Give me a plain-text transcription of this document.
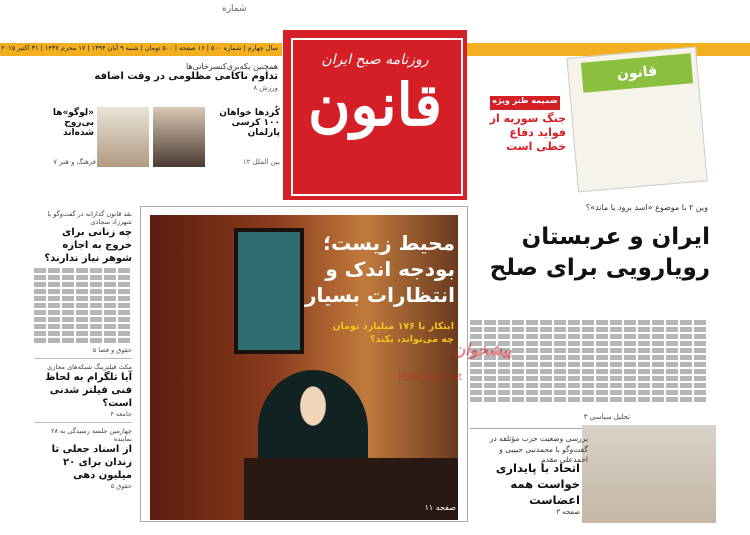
شماره
سال چهارم | شماره ۵۰۰ | ۱۶ صفحه | ۵۰۰ تومان | شنبه ۹ آبان ۱۳۹۴ | ۱۷ محرم ۱۴۳۷ | ۳۱ اکتبر ۲۰۱۵
روزنامه صبح ایران
قانون
همچنین یکه‌بری‌کنسرخانی‌ها
تداوم ناکامی مظلومی در وقت اضافه
ورزش ۸
کُردها خواهان ۱۰۰ کرسی پارلمان
بین الملل ۱۲
«لوگو»ها بی‌روح شده‌اند
فرهنگ و هنر ۷
قانون
ضمیمه طنز ویژه
جنگ سوریه از فواید دفاع خطی است
وین ۲ با موضوع «اسد برود یا ماند»؟
ایران و عربستان رویارویی برای صلح
تحلیل سیاسی ۳
محیط زیست؛ بودجه اندک و انتظارات بسیار
ابتکار با ۱۷۶ میلیارد تومان چه می‌تواند، بکند؟
صفحه ۱۱
پیشخوان
Pishkhan.net
نقد قانون گذارانه در گفت‌وگو با شهرزاد سجادی
چه زنانی برای خروج به اجازه شوهر نیاز ندارند؟
حقوق و قضا ۵
مکث فیلترینگ شبکه‌های مجازی
آیا تلگرام به لحاظ فنی فیلتر شدنی است؟
جامعه ۴
چهارمین جلسه رسیدگی به ۲۸ نماینده
از اسناد جعلی تا زندان برای ۲۰ میلیون دهی
حقوق ۵
بررسی وضعیت حزب مؤتلفه در گفت‌وگو با محمدنبی حبیبی و احمدعلی مقدم
اتحاد با پایداری خواست همه اعضاست
صفحه ۳
